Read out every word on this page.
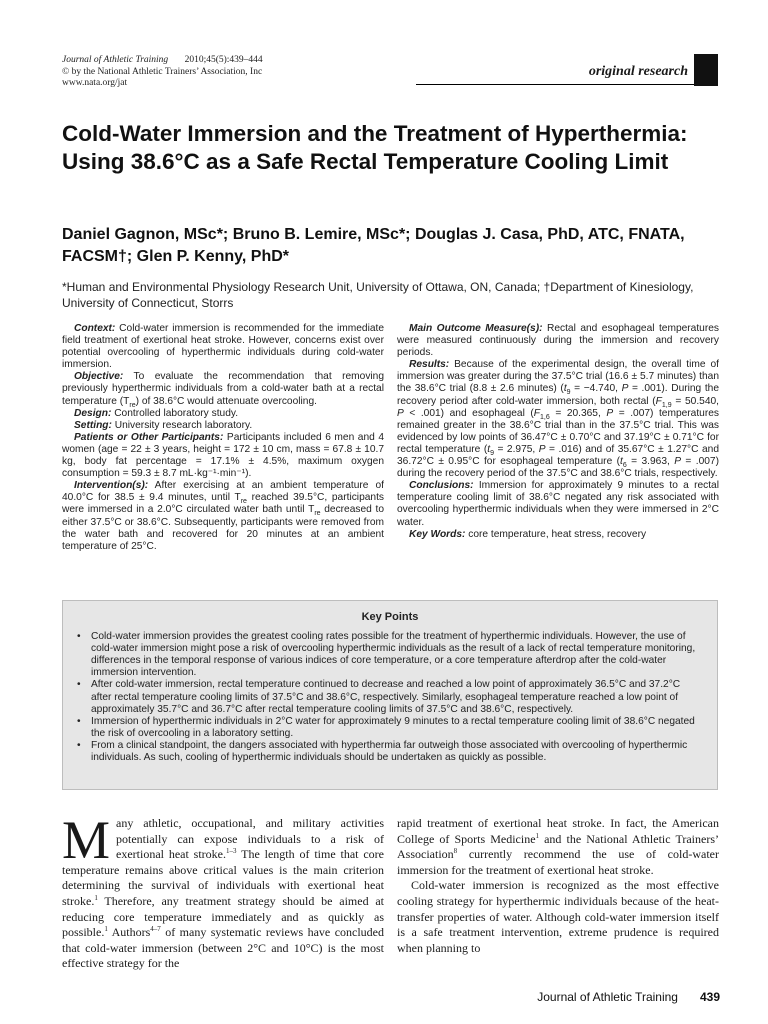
Journal of Athletic Training 2010;45(5):439–444
© by the National Athletic Trainers’ Association, Inc
www.nata.org/jat
original research
Cold-Water Immersion and the Treatment of Hyperthermia: Using 38.6°C as a Safe Rectal Temperature Cooling Limit

Daniel Gagnon, MSc*; Bruno B. Lemire, MSc*; Douglas J. Casa, PhD, ATC, FNATA, FACSM†; Glen P. Kenny, PhD*

*Human and Environmental Physiology Research Unit, University of Ottawa, ON, Canada; †Department of Kinesiology, University of Connecticut, Storrs

Context: Cold-water immersion is recommended for the immediate field treatment of exertional heat stroke. However, concerns exist over potential overcooling of hyperthermic individuals during cold-water immersion.

Objective: To evaluate the recommendation that removing previously hyperthermic individuals from a cold-water bath at a rectal temperature $(T_{re})$ of 38.6°C would attenuate overcooling.

Design: Controlled laboratory study.

Setting: University research laboratory.

Patients or Other Participants: Participants included 6 men and 4 women (age = 22 ± 3 years, height = 172 ± 10 cm, mass = 67.8 ± 10.7 kg, body fat percentage = 17.1% ± 4.5%, maximum oxygen consumption = 59.3 ± 8.7 mL·kg⁻¹·min⁻¹).

Intervention(s): After exercising at an ambient temperature of 40.0°C for 38.5 ± 9.4 minutes, until $T_{re}$ reached 39.5°C, participants were immersed in a 2.0°C circulated water bath until $T_{re}$ decreased to either 37.5°C or 38.6°C. Subsequently, participants were removed from the water bath and recovered for 20 minutes at an ambient temperature of 25°C.

Main Outcome Measure(s): Rectal and esophageal temperatures were measured continuously during the immersion and recovery periods.

Results: Because of the experimental design, the overall time of immersion was greater during the 37.5°C trial (16.6 ± 5.7 minutes) than the 38.6°C trial (8.8 ± 2.6 minutes) ($t_9 = -4.740$, P = .001). During the recovery period after cold-water immersion, both rectal ($F_{1,9} = 50.540$, P < .001) and esophageal ($F_{1,6} = 20.365$, P = .007) temperatures remained greater in the 38.6°C trial than in the 37.5°C trial. This was evidenced by low points of 36.47°C ± 0.70°C and 37.19°C ± 0.71°C for rectal temperature ($t_9 = 2.975$, P = .016) and of 35.67°C ± 1.27°C and 36.72°C ± 0.95°C for esophageal temperature ($t_6 = 3.963$, P = .007) during the recovery period of the 37.5°C and 38.6°C trials, respectively.

Conclusions: Immersion for approximately 9 minutes to a rectal temperature cooling limit of 38.6°C negated any risk associated with overcooling hyperthermic individuals when they were immersed in 2°C water.

Key Words: core temperature, heat stress, recovery

Key Points
• Cold-water immersion provides the greatest cooling rates possible for the treatment of hyperthermic individuals. However, the use of cold-water immersion might pose a risk of overcooling hyperthermic individuals as the result of a lack of rectal temperature monitoring, differences in the temporal response of various indices of core temperature, or a core temperature afterdrop after the cold-water immersion intervention.
• After cold-water immersion, rectal temperature continued to decrease and reached a low point of approximately 36.5°C and 37.2°C after rectal temperature cooling limits of 37.5°C and 38.6°C, respectively. Similarly, esophageal temperature reached a low point of approximately 35.7°C and 36.7°C after rectal temperature cooling limits of 37.5°C and 38.6°C, respectively.
• Immersion of hyperthermic individuals in 2°C water for approximately 9 minutes to a rectal temperature cooling limit of 38.6°C negated the risk of overcooling in a laboratory setting.
• From a clinical standpoint, the dangers associated with hyperthermia far outweigh those associated with overcooling of hyperthermic individuals. As such, cooling of hyperthermic individuals should be undertaken as quickly as possible.

Many athletic, occupational, and military activities potentially can expose individuals to a risk of exertional heat stroke.$^{1-3}$ The length of time that core temperature remains above critical values is the main criterion determining the survival of individuals with exertional heat stroke.$^1$ Therefore, any treatment strategy should be aimed at reducing core temperature immediately and as quickly as possible.$^1$ Authors$^{4-7}$ of many systematic reviews have concluded that cold-water immersion (between 2°C and 10°C) is the most effective strategy for the

rapid treatment of exertional heat stroke. In fact, the American College of Sports Medicine$^1$ and the National Athletic Trainers’ Association$^8$ currently recommend the use of cold-water immersion for the treatment of exertional heat stroke.

Cold-water immersion is recognized as the most effective cooling strategy for hyperthermic individuals because of the heat-transfer properties of water. Although cold-water immersion itself is a safe treatment intervention, extreme prudence is required when planning to

Journal of Athletic Training 439
